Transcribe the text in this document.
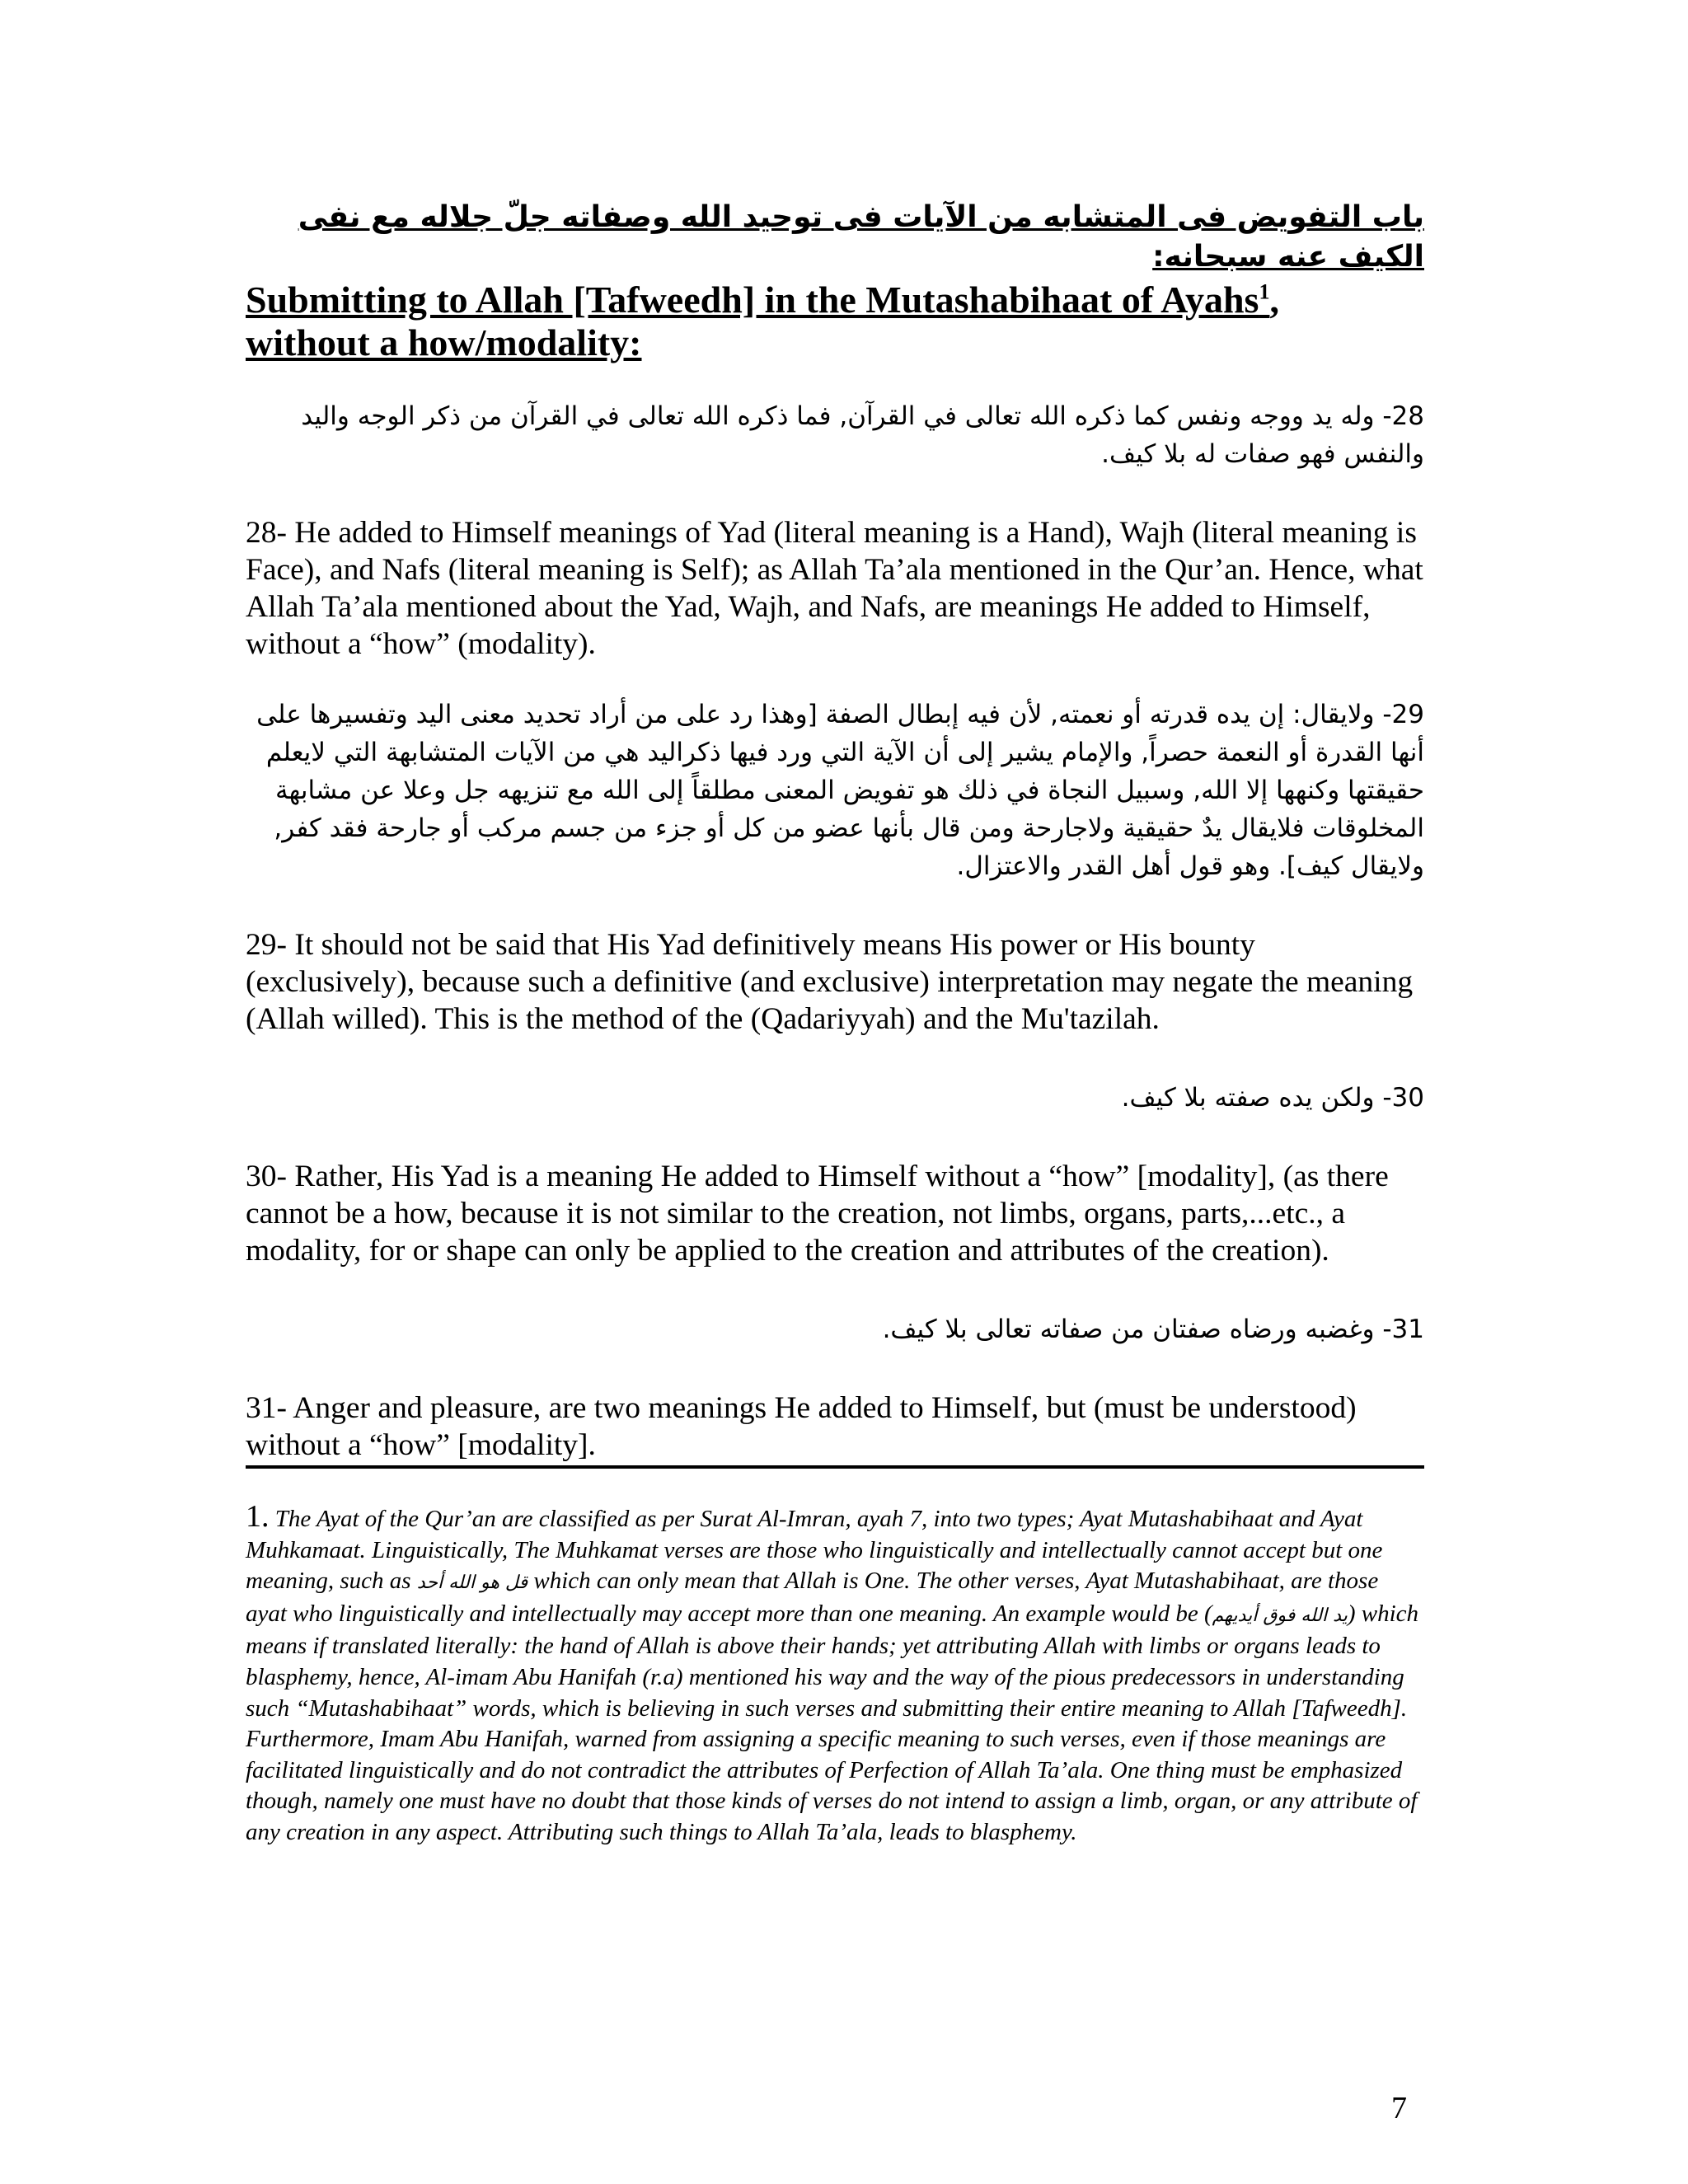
باب التفويض فى المتشابه من الآيات فى توحيد الله وصفاته جلّ جلاله مع نفى الكيف عنه سبحانه:

Submitting to Allah [Tafweedh] in the Mutashabihaat of Ayahs$^1$,
without a how/modality:

28- وله يد ووجه ونفس كما ذكره الله تعالى في القرآن, فما ذكره الله تعالى في القرآن من ذكر الوجه واليد والنفس فهو صفات له بلا كيف.

28- He added to Himself meanings of Yad (literal meaning is a Hand), Wajh (literal meaning is Face), and Nafs (literal meaning is Self); as Allah Ta’ala mentioned in the Qur’an. Hence, what Allah Ta’ala mentioned about the Yad, Wajh, and Nafs, are meanings He added to Himself, without a “how” (modality).

29- ولايقال: إن يده قدرته أو نعمته, لأن فيه إبطال الصفة [وهذا رد على من أراد تحديد معنى اليد وتفسيرها على أنها القدرة أو النعمة حصراً, والإمام يشير إلى أن الآية التي ورد فيها ذكراليد هي من الآيات المتشابهة التي لايعلم حقيقتها وكنهها إلا الله, وسبيل النجاة في ذلك هو تفويض المعنى مطلقاً إلى الله مع تنزيهه جل وعلا عن مشابهة المخلوقات فلايقال يدٌ حقيقية ولاجارحة ومن قال بأنها عضو من كل أو جزء من جسم مركب أو جارحة فقد كفر, ولايقال كيف]. وهو قول أهل القدر والاعتزال.

29- It should not be said that His Yad definitively means His power or His bounty (exclusively), because such a definitive (and exclusive) interpretation may negate the meaning (Allah willed). This is the method of the (Qadariyyah) and the Mu'tazilah.

30- ولكن يده صفته بلا كيف.

30- Rather, His Yad is a meaning He added to Himself without a “how” [modality], (as there cannot be a how, because it is not similar to the creation, not limbs, organs, parts,...etc., a modality, for or shape can only be applied to the creation and attributes of the creation).

31- وغضبه ورضاه صفتان من صفاته تعالى بلا كيف.

31- Anger and pleasure, are two meanings He added to Himself, but (must be understood) without a “how” [modality].

1. The Ayat of the Qur’an are classified as per Surat Al-Imran, ayah 7, into two types; Ayat Mutashabihaat and Ayat Muhkamaat. Linguistically, The Muhkamat verses are those who linguistically and intellectually cannot accept but one meaning, such as قل هو الله أحد which can only mean that Allah is One. The other verses, Ayat Mutashabihaat, are those ayat who linguistically and intellectually may accept more than one meaning. An example would be (يد الله فوق أيديهم) which means if translated literally: the hand of Allah is above their hands; yet attributing Allah with limbs or organs leads to blasphemy, hence, Al-imam Abu Hanifah (r.a) mentioned his way and the way of the pious predecessors in understanding such “Mutashabihaat” words, which is believing in such verses and submitting their entire meaning to Allah [Tafweedh]. Furthermore, Imam Abu Hanifah, warned from assigning a specific meaning to such verses, even if those meanings are facilitated linguistically and do not contradict the attributes of Perfection of Allah Ta’ala. One thing must be emphasized though, namely one must have no doubt that those kinds of verses do not intend to assign a limb, organ, or any attribute of any creation in any aspect. Attributing such things to Allah Ta’ala, leads to blasphemy.

7
